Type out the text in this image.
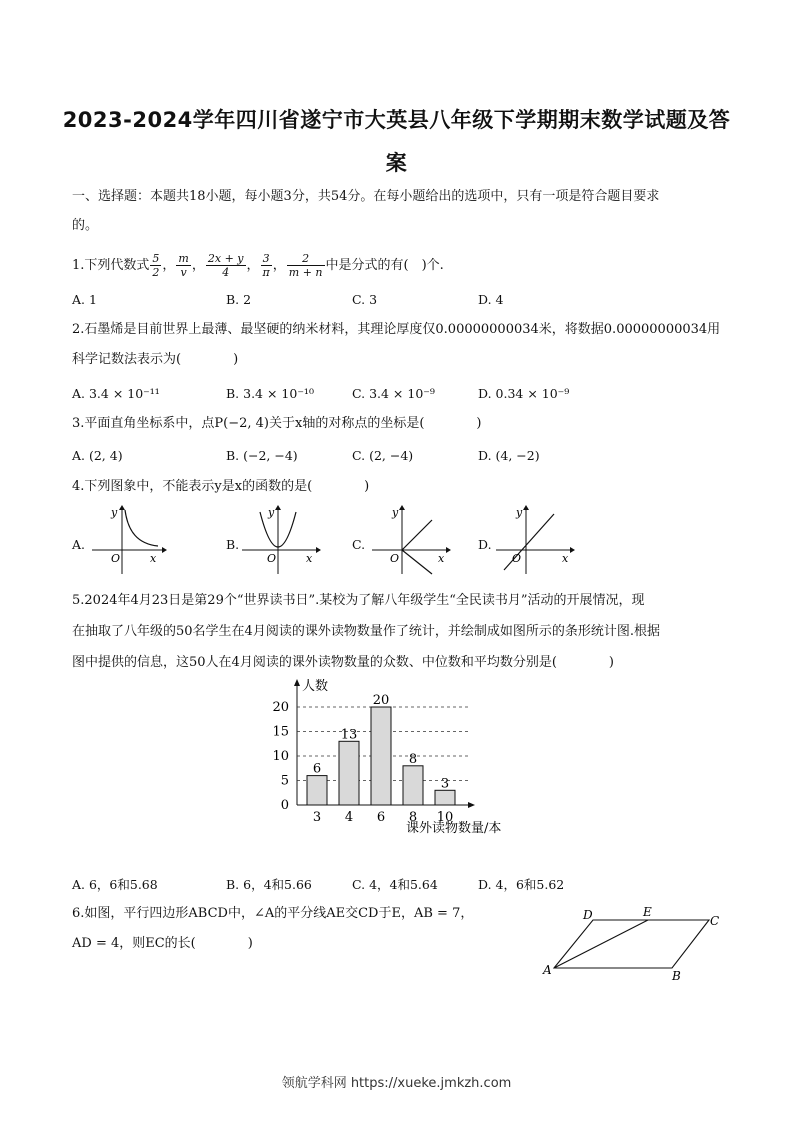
2023-2024学年四川省遂宁市大英县八年级下学期期末数学试题及答
案
一、选择题：本题共18小题，每小题3分，共54分。在每小题给出的选项中，只有一项是符合题目要求
的。
1.下列代数式 $\frac{5}{2}$ ， $\frac{m}{v}$ ， $\frac{2x + y}{4}$ ， $\frac{3}{\pi}$ ， $\frac{2}{m + n}$ 中是分式的有(　)个.
A. 1	B. 2	C. 3	D. 4
2.石墨烯是目前世界上最薄、最坚硬的纳米材料，其理论厚度仅0.00000000034米，将数据0.00000000034用
科学记数法表示为(　　　　)
A. 3.4 × 10⁻¹¹	B. 3.4 × 10⁻¹⁰	C. 3.4 × 10⁻⁹	D. 0.34 × 10⁻⁹
3.平面直角坐标系中，点P(−2, 4)关于x轴的对称点的坐标是(　　　　)
A. (2, 4)	B. (−2, −4)	C. (2, −4)	D. (4, −2)
4.下列图象中，不能表示y是x的函数的是(　　　　)
A.
y
x
O
B.
y
x
O
C.
y
x
O
D.
y
x
O
5.2024年4月23日是第29个“世界读书日”.某校为了解八年级学生“全民读书月”活动的开展情况，现
在抽取了八年级的50名学生在4月阅读的课外读物数量作了统计，并绘制成如图所示的条形统计图.根据
图中提供的信息，这50人在4月阅读的课外读物数量的众数、中位数和平均数分别是(　　　　)
人数
课外读物数量/本
0
5
10
15
20
6
3
13
4
20
6
8
8
3
10
A. 6，6和5.68	B. 6，4和5.66	C. 4，4和5.64	D. 4，6和5.62
6.如图，平行四边形ABCD中，∠A的平分线AE交CD于E，AB = 7，
AD = 4，则EC的长(　　　　)
A	B
C
D	E
领航学科网 https://xueke.jmkzh.com
